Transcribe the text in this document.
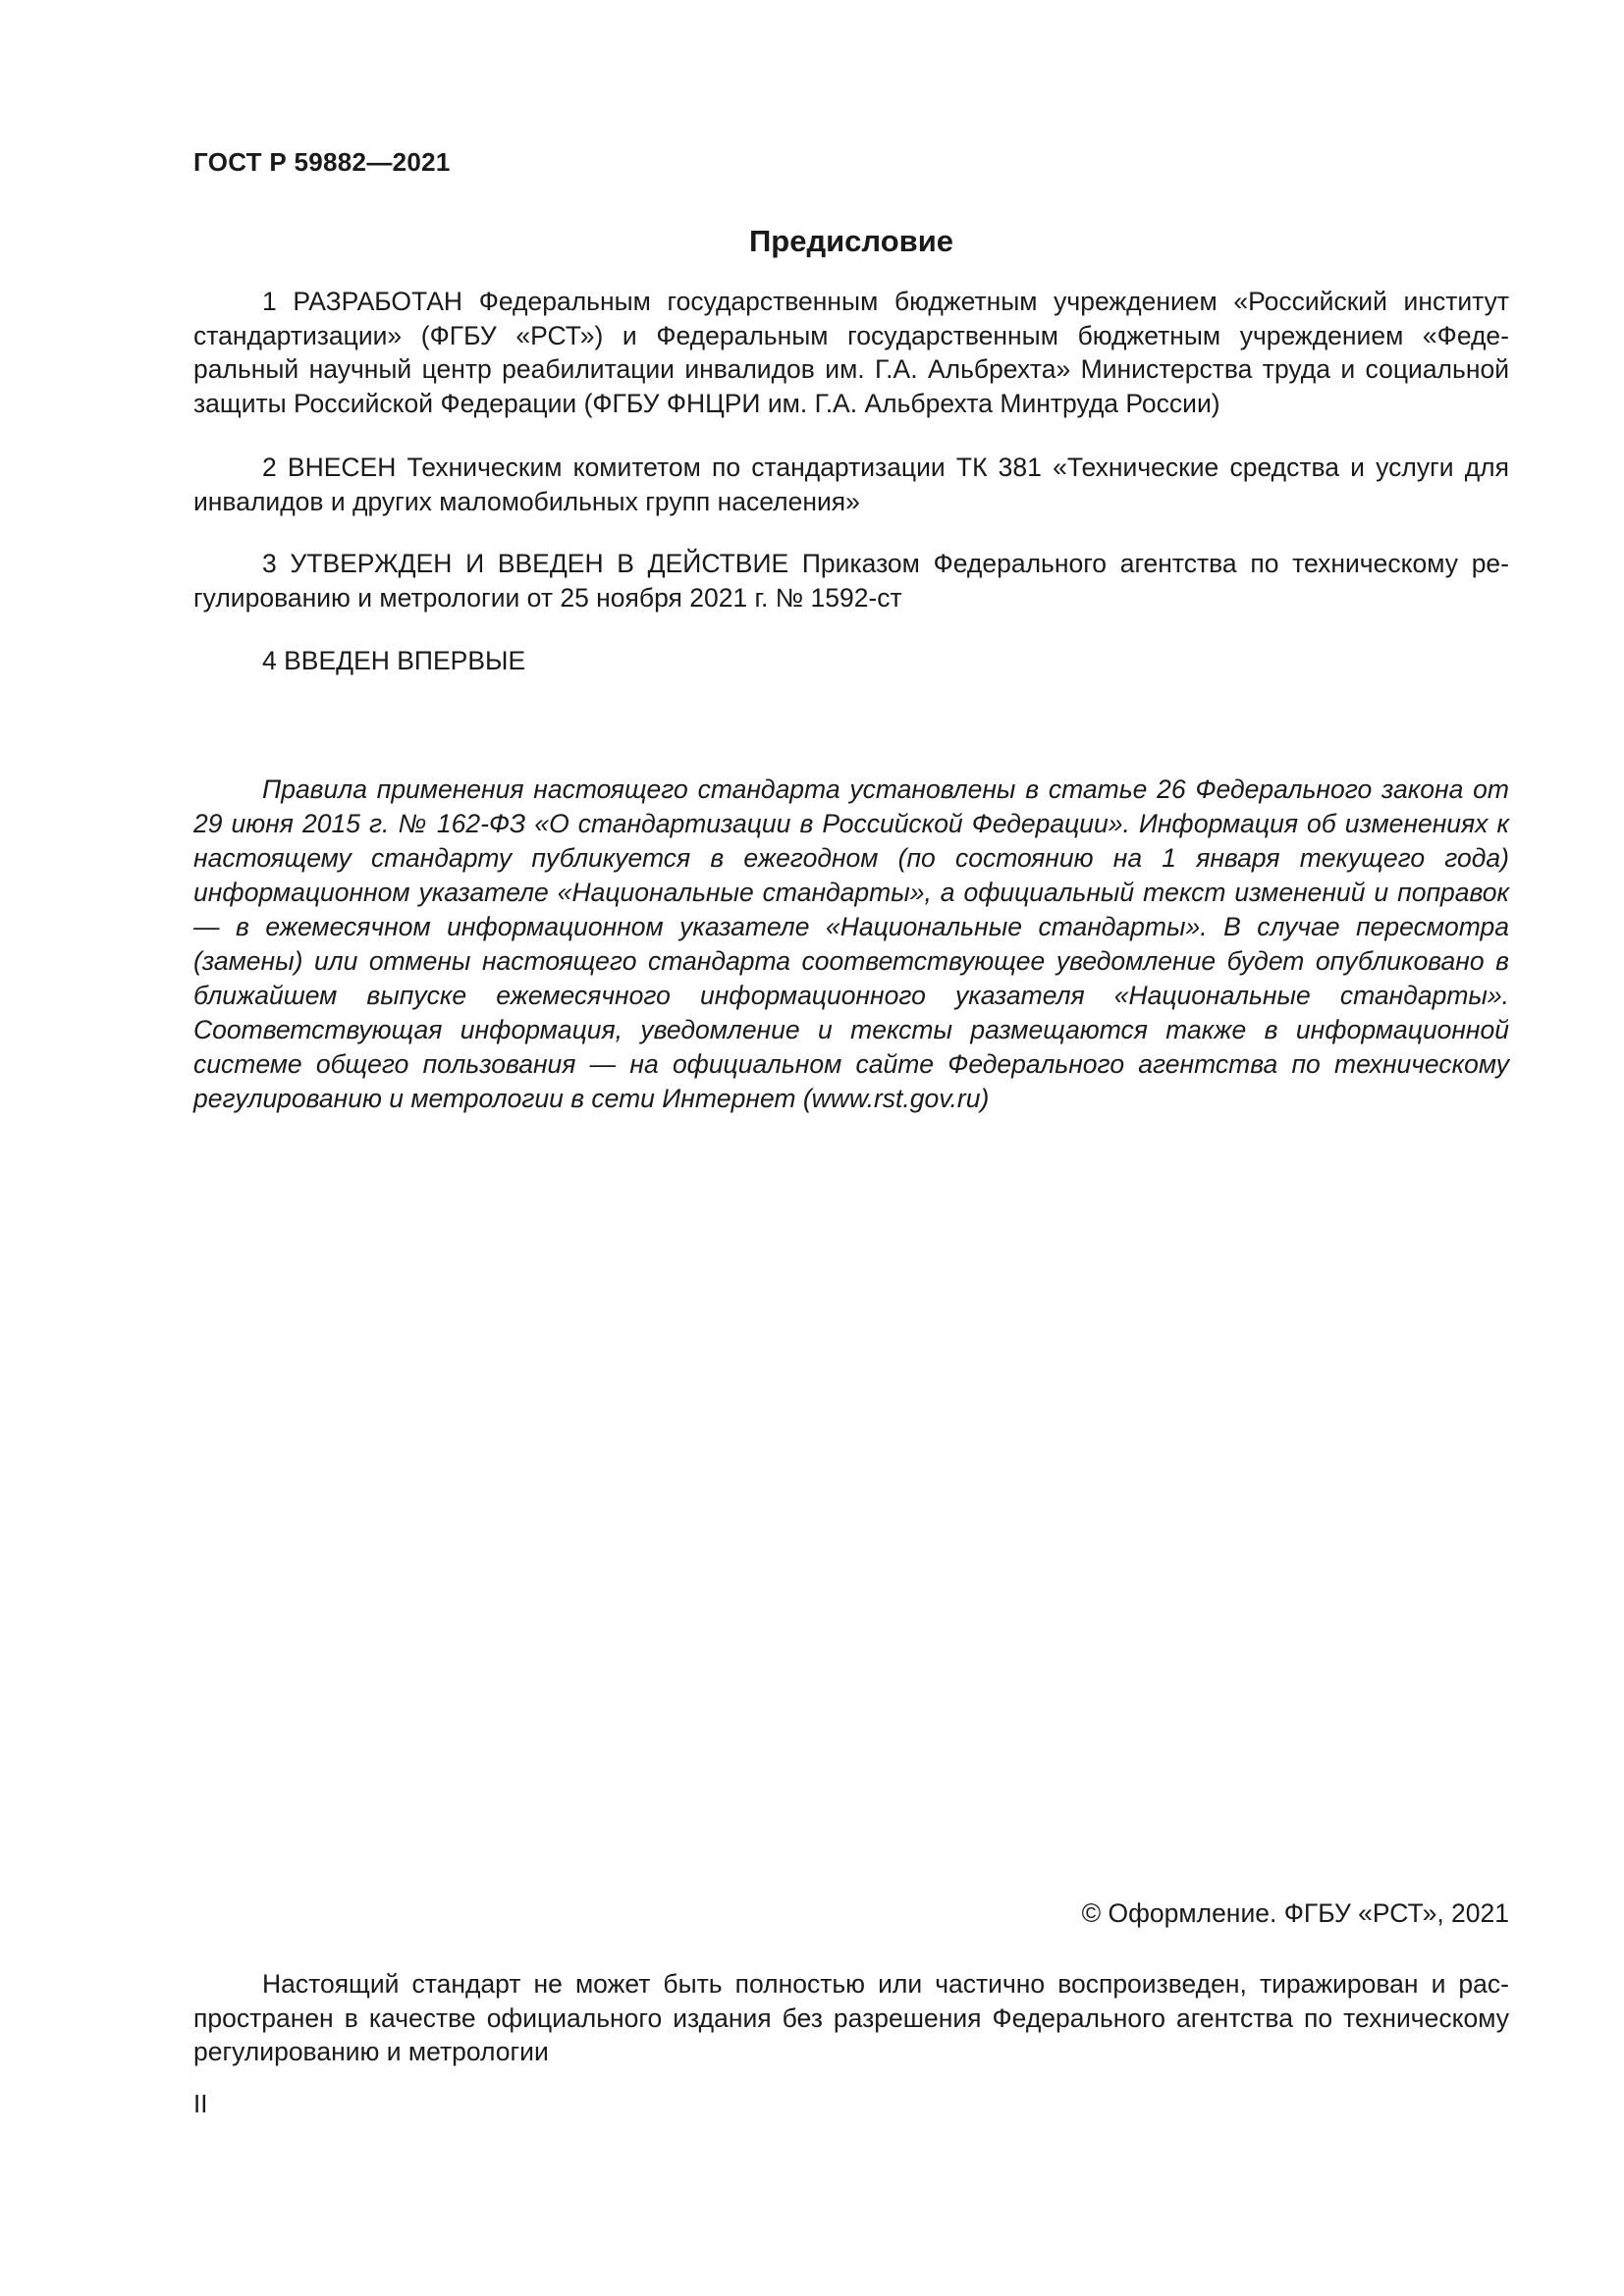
ГОСТ Р 59882—2021
Предисловие

1 РАЗРАБОТАН Федеральным государственным бюджетным учреждением «Российский институт стандартизации» (ФГБУ «РСТ») и Федеральным государственным бюджетным учреждением «Федеральный научный центр реабилитации инвалидов им. Г.А. Альбрехта» Министерства труда и социальной защиты Российской Федерации (ФГБУ ФНЦРИ им. Г.А. Альбрехта Минтруда России)

2 ВНЕСЕН Техническим комитетом по стандартизации ТК 381 «Технические средства и услуги для инвалидов и других маломобильных групп населения»

3 УТВЕРЖДЕН И ВВЕДЕН В ДЕЙСТВИЕ Приказом Федерального агентства по техническому регулированию и метрологии от 25 ноября 2021 г. № 1592-ст

4 ВВЕДЕН ВПЕРВЫЕ

Правила применения настоящего стандарта установлены в статье 26 Федерального закона от 29 июня 2015 г. № 162-ФЗ «О стандартизации в Российской Федерации». Информация об изменениях к настоящему стандарту публикуется в ежегодном (по состоянию на 1 января текущего года) информационном указателе «Национальные стандарты», а официальный текст изменений и поправок — в ежемесячном информационном указателе «Национальные стандарты». В случае пересмотра (замены) или отмены настоящего стандарта соответствующее уведомление будет опубликовано в ближайшем выпуске ежемесячного информационного указателя «Национальные стандарты». Соответствующая информация, уведомление и тексты размещаются также в информационной системе общего пользования — на официальном сайте Федерального агентства по техническому регулированию и метрологии в сети Интернет (www.rst.gov.ru)

© Оформление. ФГБУ «РСТ», 2021

Настоящий стандарт не может быть полностью или частично воспроизведен, тиражирован и распространен в качестве официального издания без разрешения Федерального агентства по техническому регулированию и метрологии

II
